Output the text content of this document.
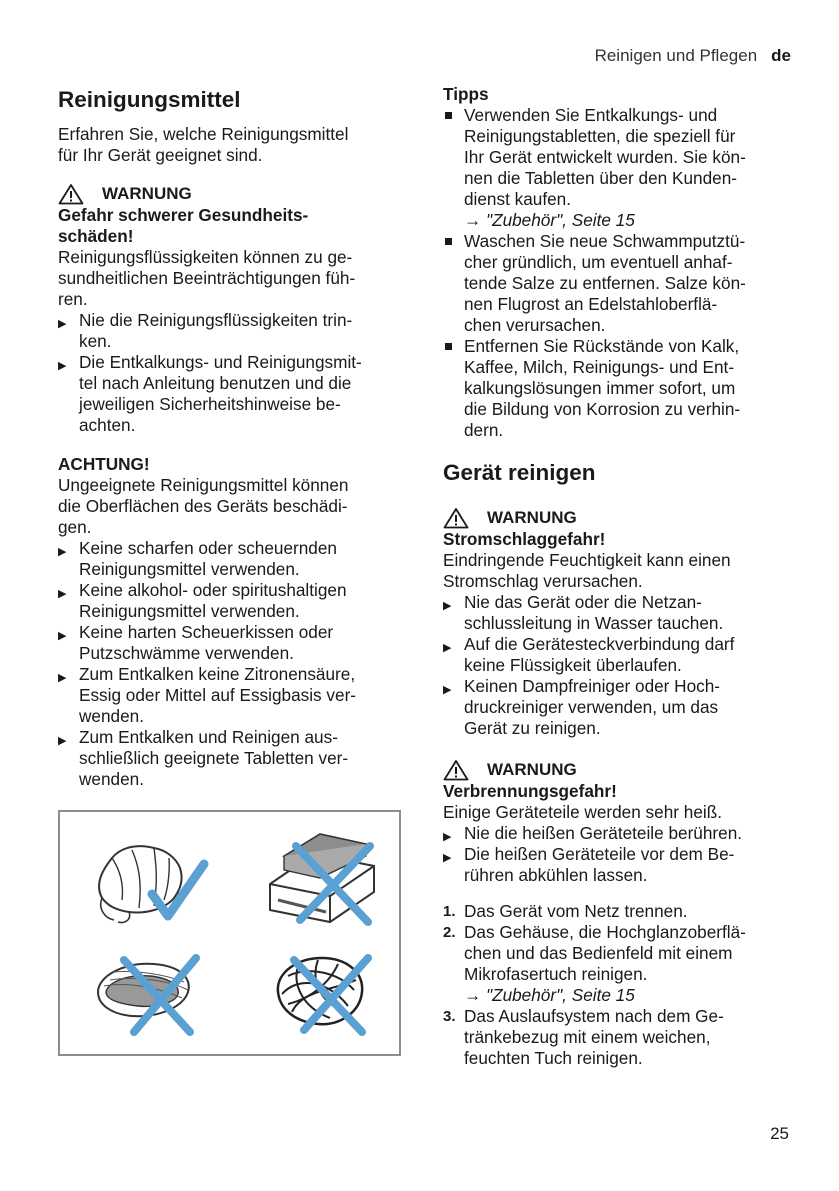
Reinigen und Pflegen de
Reinigungsmittel
Erfahren Sie, welche Reinigungsmittel
für Ihr Gerät geeignet sind.
WARNUNG
Gefahr schwerer Gesundheits-
schäden!
Reinigungsflüssigkeiten können zu ge-
sundheitlichen Beeinträchtigungen füh-
ren.
▶ Nie die Reinigungsflüssigkeiten trin-
ken.
▶ Die Entkalkungs- und Reinigungsmit-
tel nach Anleitung benutzen und die
jeweiligen Sicherheitshinweise be-
achten.
ACHTUNG!
Ungeeignete Reinigungsmittel können
die Oberflächen des Geräts beschädi-
gen.
▶ Keine scharfen oder scheuernden
Reinigungsmittel verwenden.
▶ Keine alkohol- oder spiritushaltigen
Reinigungsmittel verwenden.
▶ Keine harten Scheuerkissen oder
Putzschwämme verwenden.
▶ Zum Entkalken keine Zitronensäure,
Essig oder Mittel auf Essigbasis ver-
wenden.
▶ Zum Entkalken und Reinigen aus-
schließlich geeignete Tabletten ver-
wenden.
Tipps
Verwenden Sie Entkalkungs- und
Reinigungstabletten, die speziell für
Ihr Gerät entwickelt wurden. Sie kön-
nen die Tabletten über den Kunden-
dienst kaufen.
→ "Zubehör", Seite 15
Waschen Sie neue Schwammputztü-
cher gründlich, um eventuell anhaf-
tende Salze zu entfernen. Salze kön-
nen Flugrost an Edelstahloberflä-
chen verursachen.
Entfernen Sie Rückstände von Kalk,
Kaffee, Milch, Reinigungs- und Ent-
kalkungslösungen immer sofort, um
die Bildung von Korrosion zu verhin-
dern.
Gerät reinigen
WARNUNG
Stromschlaggefahr!
Eindringende Feuchtigkeit kann einen
Stromschlag verursachen.
▶ Nie das Gerät oder die Netzan-
schlussleitung in Wasser tauchen.
▶ Auf die Gerätesteckverbindung darf
keine Flüssigkeit überlaufen.
▶ Keinen Dampfreiniger oder Hoch-
druckreiniger verwenden, um das
Gerät zu reinigen.
WARNUNG
Verbrennungsgefahr!
Einige Geräteteile werden sehr heiß.
▶ Nie die heißen Geräteteile berühren.
▶ Die heißen Geräteteile vor dem Be-
rühren abkühlen lassen.
1. Das Gerät vom Netz trennen.
2. Das Gehäuse, die Hochglanzoberflä-
chen und das Bedienfeld mit einem
Mikrofasertuch reinigen.
→ "Zubehör", Seite 15
3. Das Auslaufsystem nach dem Ge-
tränkebezug mit einem weichen,
feuchten Tuch reinigen.
25
